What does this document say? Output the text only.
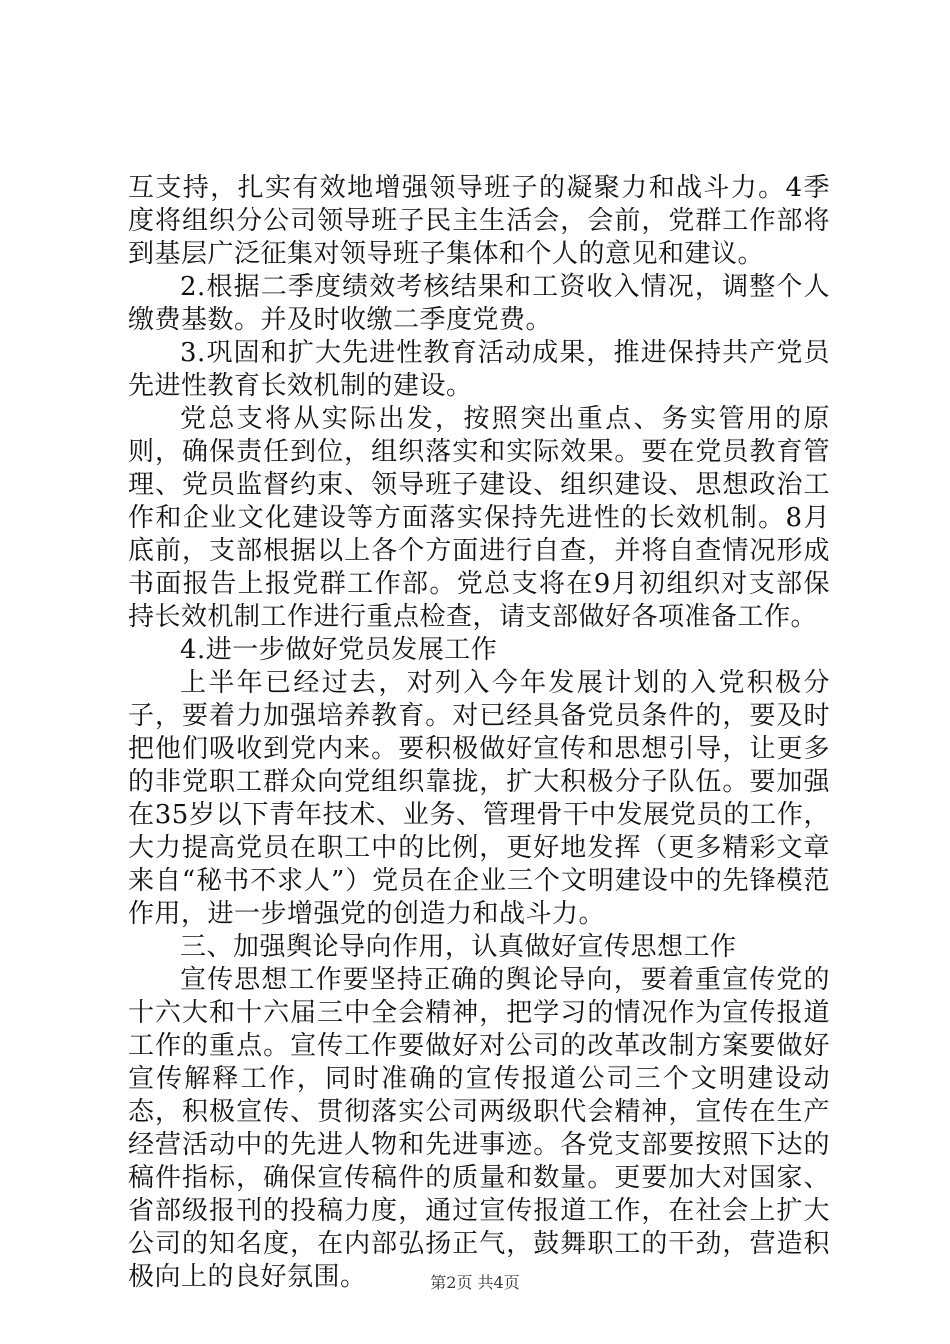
互支持，扎实有效地增强领导班子的凝聚力和战斗力。4季度将组织分公司领导班子民主生活会，会前，党群工作部将到基层广泛征集对领导班子集体和个人的意见和建议。

2.根据二季度绩效考核结果和工资收入情况，调整个人缴费基数。并及时收缴二季度党费。

3.巩固和扩大先进性教育活动成果，推进保持共产党员先进性教育长效机制的建设。

党总支将从实际出发，按照突出重点、务实管用的原则，确保责任到位，组织落实和实际效果。要在党员教育管理、党员监督约束、领导班子建设、组织建设、思想政治工作和企业文化建设等方面落实保持先进性的长效机制。8月底前，支部根据以上各个方面进行自查，并将自查情况形成书面报告上报党群工作部。党总支将在9月初组织对支部保持长效机制工作进行重点检查，请支部做好各项准备工作。

4.进一步做好党员发展工作

上半年已经过去，对列入今年发展计划的入党积极分子，要着力加强培养教育。对已经具备党员条件的，要及时把他们吸收到党内来。要积极做好宣传和思想引导，让更多的非党职工群众向党组织靠拢，扩大积极分子队伍。要加强在35岁以下青年技术、业务、管理骨干中发展党员的工作，大力提高党员在职工中的比例，更好地发挥（更多精彩文章来自“秘书不求人”）党员在企业三个文明建设中的先锋模范作用，进一步增强党的创造力和战斗力。

三、加强舆论导向作用，认真做好宣传思想工作

宣传思想工作要坚持正确的舆论导向，要着重宣传党的十六大和十六届三中全会精神，把学习的情况作为宣传报道工作的重点。宣传工作要做好对公司的改革改制方案要做好宣传解释工作，同时准确的宣传报道公司三个文明建设动态，积极宣传、贯彻落实公司两级职代会精神，宣传在生产经营活动中的先进人物和先进事迹。各党支部要按照下达的稿件指标，确保宣传稿件的质量和数量。更要加大对国家、省部级报刊的投稿力度，通过宣传报道工作，在社会上扩大公司的知名度，在内部弘扬正气，鼓舞职工的干劲，营造积极向上的良好氛围。	第2页 共4页
